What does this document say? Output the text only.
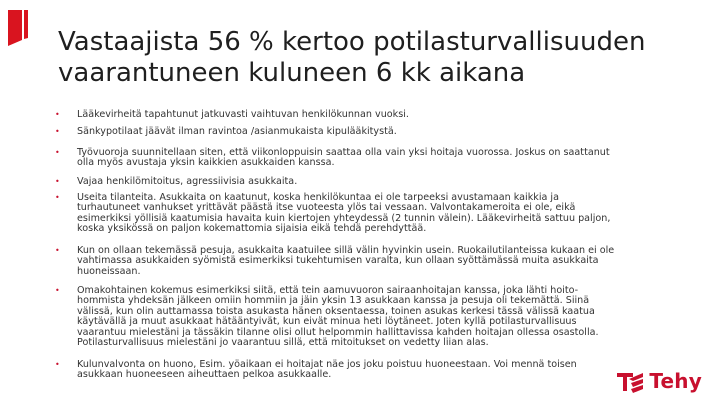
Vastaajista 56 % kertoo potilasturvallisuuden vaarantuneen kuluneen 6 kk aikana
•	Lääkevirheitä tapahtunut jatkuvasti vaihtuvan henkilökunnan vuoksi.
•	Sänkypotilaat jäävät ilman ravintoa /asianmukaista kipulääkitystä.
•	Työvuoroja suunnitellaan siten, että viikonloppuisin saattaa olla vain yksi hoitaja vuorossa. Joskus on saattanut
olla myös avustaja yksin kaikkien asukkaiden kanssa.
•	Vajaa henkilömitoitus, agressiivisia asukkaita.
•	Useita tilanteita. Asukkaita on kaatunut, koska henkilökuntaa ei ole tarpeeksi avustamaan kaikkia ja
turhautuneet vanhukset yrittävät päästä itse vuoteesta ylös tai vessaan. Valvontakameroita ei ole, eikä
esimerkiksi yöllisiä kaatumisia havaita kuin kiertojen yhteydessä (2 tunnin välein). Lääkevirheitä sattuu paljon,
koska yksikössä on paljon kokemattomia sijaisia eikä tehdä perehdyttää.
•	Kun on ollaan tekemässä pesuja, asukkaita kaatuilee sillä välin hyvinkin usein. Ruokailutilanteissa kukaan ei ole
vahtimassa asukkaiden syömistä esimerkiksi tukehtumisen varalta, kun ollaan syöttämässä muita asukkaita
huoneissaan.
•	Omakohtainen kokemus esimerkiksi siitä, että tein aamuvuoron sairaanhoitajan kanssa, joka lähti hoito-
hommista yhdeksän jälkeen omiin hommiin ja jäin yksin 13 asukkaan kanssa ja pesuja oli tekemättä. Siinä
välissä, kun olin auttamassa toista asukasta hänen oksentaessa, toinen asukas kerkesi tässä välissä kaatua
käytävällä ja muut asukkaat hätääntyivät, kun eivät minua heti löytäneet. Joten kyllä potilasturvallisuus
vaarantuu mielestäni ja tässäkin tilanne olisi ollut helpommin hallittavissa kahden hoitajan ollessa osastolla.
Potilasturvallisuus mielestäni jo vaarantuu sillä, että mitoitukset on vedetty liian alas.
•	Kulunvalvonta on huono, Esim. yöaikaan ei hoitajat näe jos joku poistuu huoneestaan. Voi mennä toisen
asukkaan huoneeseen aiheuttaen pelkoa asukkaalle.	Tehy
